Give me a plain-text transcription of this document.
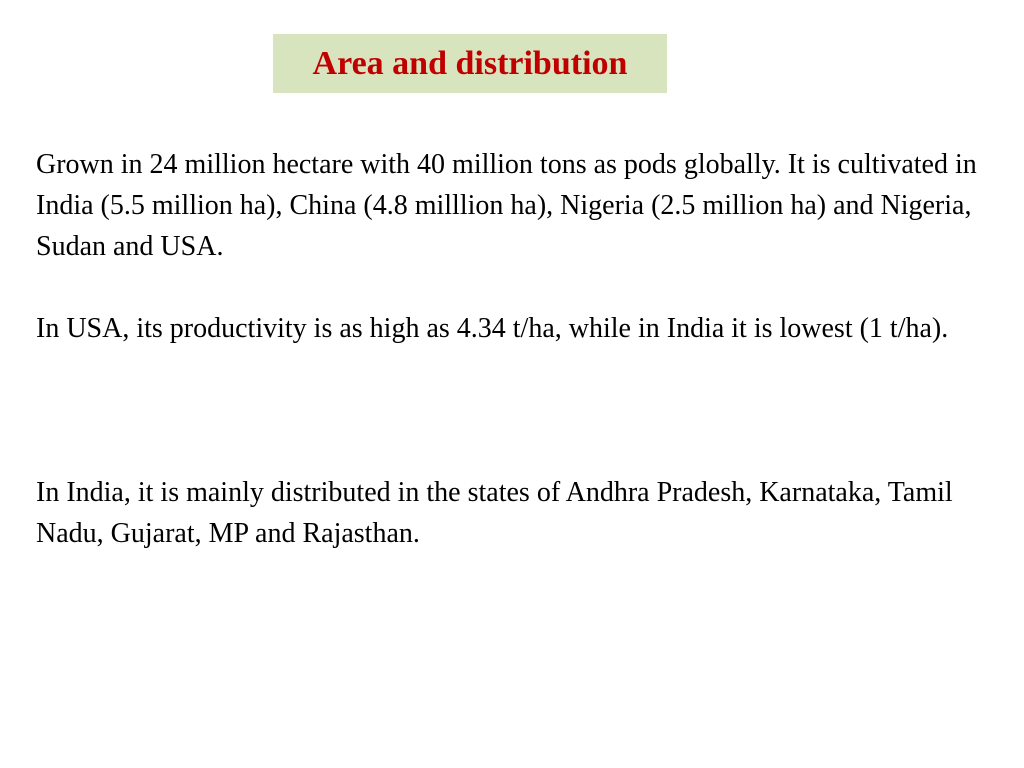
Area and distribution

Grown in 24 million hectare with 40 million tons as pods globally. It is cultivated in India (5.5 million ha), China (4.8 milllion ha), Nigeria (2.5 million ha) and Nigeria, Sudan and USA.

In USA, its productivity is as high as 4.34 t/ha, while in India it is lowest (1 t/ha).

In India, it is mainly distributed in the states of Andhra Pradesh, Karnataka, Tamil Nadu, Gujarat, MP and Rajasthan.
